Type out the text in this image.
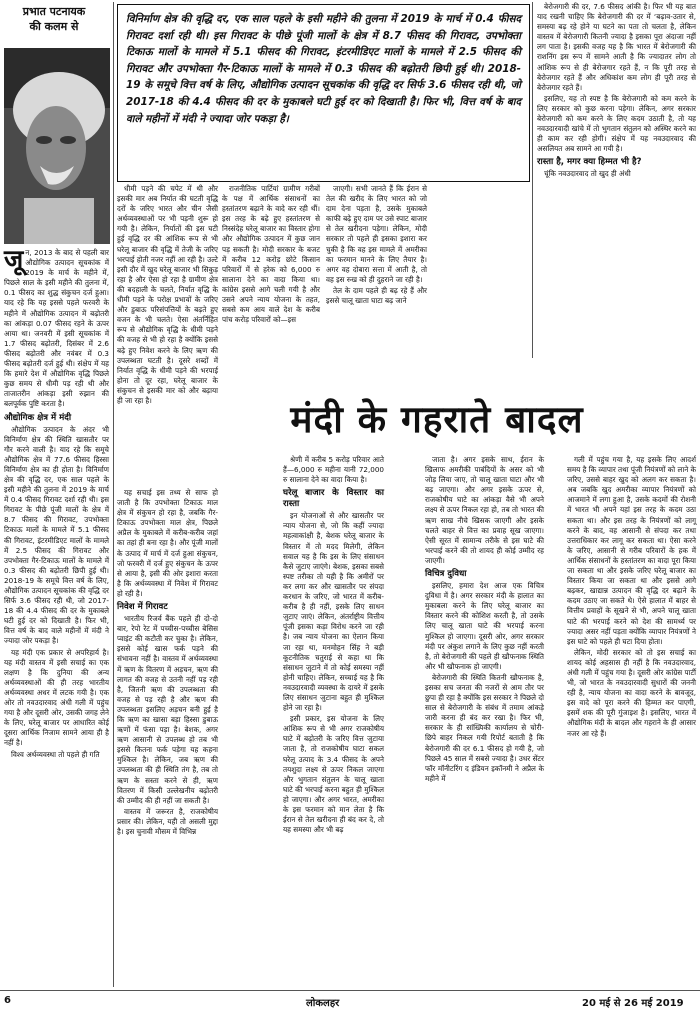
प्रभात पटनायक
की कलम से
विनिर्माण क्षेत्र की वृद्धि दर, एक साल पहले के इसी महीने की तुलना में 2019 के मार्च में 0.4 फीसद गिरावट दर्शा रही थी। इस गिरावट के पीछे पूंजी मालों के क्षेत्र में 8.7 फीसद की गिरावट, उपभोक्ता टिकाऊ मालों के मामले में 5.1 फीसद की गिरावट, इंटरमीडिएट मालों के मामले में 2.5 फीसद की गिरावट और उपभोक्ता गैर-टिकाऊ मालों के मामले में 0.3 फीसद की बढ़ोतरी छिपी हुई थी। 2018-19 के समूचे वित्त वर्ष के लिए, औद्योगिक उत्पादन सूचकांक की वृद्धि दर सिर्फ 3.6 फीसद रही थी, जो 2017-18 की 4.4 फीसद की दर के मुकाबले घटी हुई दर को दिखाती है। फिर भी, वित्त वर्ष के बाद वाले महीनों में मंदी ने ज्यादा जोर पकड़ा है।

जून, 2013 के बाद से पहली बार औद्योगिक उत्पादन सूचकांक में 2019 के मार्च के महीने में, पिछले साल के इसी महीने की तुलना में, 0.1 फीसद का शुद्ध संकुचन दर्ज हुआ। याद रहे कि यह इससे पहले फरवरी के महीने में औद्योगिक उत्पादन में बढ़ोतरी का आंकड़ा 0.07 फीसद रहने के ऊपर आया था। जनवरी में इसी सूचकांक में 1.7 फीसद बढ़ोतरी, दिसंबर में 2.6 फीसद बढ़ोतरी और नवंबर में 0.3 फीसद बढ़ोतरी दर्ज हुई थी। संक्षेप में यह कि हमारे देश में औद्योगिक वृद्धि पिछले कुछ समय से धीमी पड़ रही थी और ताजातरीन आंकड़ा इसी रुझान की बलपूर्वक पुष्टि करता है।

औद्योगिक क्षेत्र में मंदी

औद्योगिक उत्पादन के अंदर भी विनिर्माण क्षेत्र की स्थिति खासतौर पर गौर करने वाली है। याद रहे कि समूचे औद्योगिक क्षेत्र में 77.6 फीसद हिस्सा विनिर्माण क्षेत्र का ही होता है। विनिर्माण क्षेत्र की वृद्धि दर, एक साल पहले के इसी महीने की तुलना में 2019 के मार्च में 0.4 फीसद गिरावट दर्शा रही थी। इस गिरावट के पीछे पूंजी मालों के क्षेत्र में 8.7 फीसद की गिरावट, उपभोक्ता टिकाऊ मालों के मामले में 5.1 फीसद की गिरावट, इंटरमीडिएट मालों के मामले में 2.5 फीसद की गिरावट और उपभोक्ता गैर-टिकाऊ मालों के मामले में 0.3 फीसद की बढ़ोतरी छिपी हुई थी। 2018-19 के समूचे वित्त वर्ष के लिए, औद्योगिक उत्पादन सूचकांक की वृद्धि दर सिर्फ 3.6 फीसद रही थी, जो 2017-18 की 4.4 फीसद की दर के मुकाबले घटी हुई दर को दिखाती है। फिर भी, वित्त वर्ष के बाद वाले महीनों में मंदी ने ज्यादा जोर पकड़ा है।

यह मंदी एक प्रकार से अपरिहार्य है। यह मंदी वास्तव में इसी सचाई का एक लक्षण है कि दुनिया की अन्य अर्थव्यवस्थाओं की ही तरह भारतीय अर्थव्यवस्था अधर में लटक गयी है। एक ओर तो नवउदारवाद अंधी गली में पहुंच गया है और दूसरी ओर, उसकी जगह लेने के लिए, घरेलू बाजार पर आधारित कोई दूसरा आर्थिक निजाम सामने आया ही है नहीं है।

विश्व अर्थव्यवस्था तो पहले ही गति

धीमी पड़ने की चपेट में थी और इसकी मार अब निर्यात की घटती वृद्धि दरों के जरिए भारत और चीन जैसी अर्थव्यवस्थाओं पर भी पड़नी शुरू हो गयी है। लेकिन, निर्यातों की इस घटी हुई वृद्धि दर की आंशिक रूप से भी घरेलू बाजार की वृद्धि में तेजी के जरिए भरपाई होती नजर नहीं आ रही है। उल्टे इसी दौर में खुद घरेलू बाजार भी सिकुड़ रहा है और ऐसा हो रहा है ग्रामीण क्षेत्र की बदहाली के चलते, निर्यात वृद्धि के धीमी पड़ने के परोक्ष प्रभावों के जरिए और डुबाऊ परिसंपत्तियों के बढ़ते हुए वजन के भी चलते। ऐसा अंतर्निहित रूप से औद्योगिक वृद्धि के धीमी पड़ने की वजह से भी हो रहा है क्योंकि इससे बढ़े हुए निवेश करने के लिए ऋण की उपलब्धता घटती है। दूसरे शब्दों में निर्यात वृद्धि के धीमी पड़ने की भरपाई होना तो दूर रहा, घरेलू बाजार के संकुचन से इसकी मार को और बढ़ाया ही जा रहा है।

राजनीतिक पार्टियां ग्रामीण गरीबों के पक्ष में आर्थिक संसाधनों का हस्तांतरण बढ़ाने के वादे कर रही थीं। इस तरह के बढ़े हुए हस्तांतरण से निस्संदेह घरेलू बाजार का विस्तार होगा और औद्योगिक उत्पादन में कुछ जान पड़ सकती है। मोदी सरकार के बजट में करीब 12 करोड़ छोटे किसान परिवारों में से हरेक को 6,000 रु सालाना देने का वादा किया था। कांग्रेस इससे आगे चली गयी है और उसने अपने न्याय योजना के तहत, सबसे कम आय वाले देश के करीब पांच करोड़ परिवारों को—इस

जाएगी। सभी जानते हैं कि ईरान से तेल की खरीद के लिए भारत को जो दाम देना पड़ता है, उसके मुकाबले काफी बढ़े हुए दाम पर उसे स्पाट बाजार से तेल खरीदना पड़ेगा। लेकिन, मोदी सरकार तो पहले ही इसका इशारा कर चुकी है कि वह इस मामले में अमरीका का फरमान मानने के लिए तैयार है। अगर वह दोबारा सत्ता में आती है, तो वह इस रुख को ही दुहराने जा रही है।

तेल के दाम पहले ही बढ़ रहे हैं और इससे चालू खाता घाटा बढ़ जाने

बेरोजगारी की दर, 7.6 फीसद आंकी है। फिर भी यह बात याद रखनी चाहिए कि बेरोजगारी की दर में ‘बढ़ाव-उतार से, समस्या बढ़ रहे होने या घटने का पता तो चलता है, लेकिन वास्तव में बेरोजगारी कितनी ज्यादा है इसका पूरा अंदाजा नहीं लग पाता है। इसकी वजह यह है कि भारत में बेरोजगारी की राशनिंग इस रूप में सामने आती है कि ज्यादातर लोग तो आंशिक रूप से ही बेरोजगार रहते हैं, न कि पूरी तरह से बेरोजगार रहते हैं और अधिकांश कम लोग ही पूरी तरह से बेरोजगार रहते हैं।

इसलिए, यह तो स्पष्ट है कि बेरोजगारी को कम करने के लिए सरकार को कुछ करना पड़ेगा। लेकिन, अगर सरकार बेरोजगारी को कम करने के लिए कदम उठाती है, तो यह नवउदारवादी खांचे में तो भुगतान संतुलन को अस्थिर करने का ही काम कर रही होगी। संक्षेप में यह नवउदारवाद की असलियत अब सामने आ गयी है।

रास्ता है, मगर क्या हिम्मत भी है?

चूंकि नवउदारवाद तो खुद ही अंधी

मंदी के गहराते बादल

यह सचाई इस तथ्य से साफ हो जाती है कि उपभोक्ता टिकाऊ माल क्षेत्र में संकुचन हो रहा है, जबकि गैर-टिकाऊ उपभोक्ता माल क्षेत्र, पिछले अप्रैल के मुकाबले में करीब-करीब जहां का तहां ही बना रहा है। और पूंजी मालों के उत्पाद में मार्च में दर्ज हुआ संकुचन, जो फरवरी में दर्ज हुए संकुचन के ऊपर से आया है, इसी की ओर इशारा करता है कि अर्थव्यवस्था में निवेश में गिरावट हो रही है।

निवेश में गिरावट

भारतीय रिजर्व बैंक पहले ही दो-दो बार, रेपो रेट में पच्चीस-पच्चीस बेसिस प्वाइंट की कटौती कर चुका है। लेकिन, इससे कोई खास फर्क पड़ने की संभावना नहीं है। वास्तव में अर्थव्यवस्था में ऋण के वितरण में अड़चन, ऋण की लागत की वजह से उतनी नहीं पड़ रही है, जितनी ऋण की उपलब्धता की वजह से पड़ रही है और ऋण की उपलब्धता इसलिए अड़चन बनी हुई है कि ऋण का खासा बड़ा हिस्सा डुबाऊ ऋणों में फंसा पड़ा है। बेशक, अगर ऋण आसानी से उपलब्ध हो तब भी इससे कितना फर्क पड़ेगा यह कहना मुश्किल है। लेकिन, जब ऋण की उपलब्धता की ही स्थिति तंग है, तब तो ऋण के सस्ता करने से ही, ऋण वितरण में किसी उल्लेखनीय बढ़ोतरी की उम्मीद की ही नहीं जा सकती है।

वास्तव में जरूरत है, राजकोषीय प्रसार की। लेकिन, यही तो असली मुद्दा है। इस चुनावी मौसम में विभिन्न

श्रेणी में करीब 5 करोड़ परिवार आते हैं—6,000 रु महीना यानी 72,000 रु सालाना देने का वादा किया है।

घरेलू बाजार के विस्तार का रास्ता

इन योजनाओं से और खासतौर पर न्याय योजना से, जो कि कहीं ज्यादा महत्वाकांक्षी है, बेशक घरेलू बाजार के विस्तार में तो मदद मिलेगी, लेकिन सवाल यह है कि इस के लिए संसाधन कैसे जुटाए जाएंगे। बेशक, इसका सबसे स्पष्ट तरीका तो यही है कि अमीरों पर कर लगा कर और खासतौर पर संपदा करधान के जरिए, जो भारत में करीब-करीब है ही नहीं, इसके लिए साधन जुटाए जाएं। लेकिन, अंतर्राष्ट्रीय वित्तीय पूंजी इसका कड़ा विरोध करने जा रही है। जब न्याय योजना का ऐलान किया जा रहा था, मनमोहन सिंह ने बड़ी कूटनीतिक चतुराई से कहा था कि संसाधन जुटाने में तो कोई समस्या नहीं होनी चाहिए। लेकिन, सच्चाई यह है कि नवउदारवादी व्यवस्था के दायरे में इसके लिए संसाधन जुटाना बहुत ही मुश्किल होने जा रहा है।

इसी प्रकार, इस योजना के लिए आंशिक रूप से भी अगर राजकोषीय घाटे में बढ़ोतरी के जरिए वित्त जुटाया जाता है, तो राजकोषीय घाटा सकल घरेलू उत्पाद के 3.4 फीसद के अपने तयशुदा लक्ष्य से ऊपर निकल जाएगा और भुगतान संतुलन के चालू खाता घाटे की भरपाई करना बहुत ही मुश्किल हो जाएगा। और अगर भारत, अमरीका के इस फरमान को मान लेता है कि ईरान से तेल खरीदना ही बंद कर दे, तो यह समस्या और भी बढ़

जाता है। अगर इसके साथ, ईरान के खिलाफ अमरीकी पाबंदियों के असर को भी जोड़ लिया जाए, तो चालू खाता घाटा और भी बढ़ जाएगा। और अगर इसके ऊपर से, राजकोषीय घाटे का आंकड़ा वैसे भी अपने लक्ष्य से ऊपर निकल रहा हो, तब तो भारत की ऋण साख नीचे खिसक जाएगी और इसके चलते बाहर से वित्त का प्रवाह सूख जाएगा। ऐसी सूरत में सामान्य तरीके से इस घाटे की भरपाई करने की तो शायद ही कोई उम्मीद रह जाएगी।

विचित्र दुविधा

इसलिए, हमारा देश आज एक विचित्र दुविधा में है। अगर सरकार मंदी के हालात का मुकाबला करने के लिए घरेलू बाजार का विस्तार करने की कोशिश करती है, तो उसके लिए चालू खाता घाटे की भरपाई करना मुश्किल हो जाएगा। दूसरी ओर, अगर सरकार मंदी पर अंकुश लगाने के लिए कुछ नहीं करती है, तो बेरोजगारी की पहले ही खौफनाक स्थिति और भी खौफनाक हो जाएगी।

बेरोजगारी की स्थिति कितनी खौफनाक है, इसका सच जनता की नजरों से आम तौर पर छुपा ही रहा है क्योंकि इस सरकार ने पिछले दो साल से बेरोजगारी के संबंध में तमाम आंकड़े जारी करना ही बंद कर रखा है। फिर भी, सरकार के ही सांख्यिकी कार्यालय से चोरी-छिपे बाहर निकल गयी रिपोर्ट बताती है कि बेरोजगारी की दर 6.1 फीसद हो गयी है, जो पिछले 45 साल में सबसे ज्यादा है। उधर सेंटर फॉर मॉनीटरिंग द इंडियन इकॉनमी ने अप्रैल के महीने में

गली में पहुंच गया है, यह इसके लिए आदर्श समय है कि व्यापार तथा पूंजी नियंत्रणों को लाने के जरिए, उससे बाहर खुद को अलग कर सकता है। अब जबकि खुद अमरीका व्यापार नियंत्रणों को आजमाने में लगा हुआ है, उसके कदमों की रोशनी में भारत भी अपने यहां इस तरह के कदम उठा सकता था। और इस तरह के नियंत्रणों को लागू करने के बाद, वह आसानी से संपदा कर तथा उत्तराधिकार कर लागू कर सकता था। ऐसा करने के जरिए, आसानी से गरीब परिवारों के हक में आर्थिक संसाधनों के हस्तांतरण का वादा पूरा किया जा सकता था और इसके जरिए घरेलू बाजार का विस्तार किया जा सकता था और इससे आगे बढ़कर, खाद्यान्न उत्पादन की वृद्धि दर बढ़ाने के कदम उठाए जा सकते थे। ऐसे हालात में बाहर से वित्तीय प्रवाहों के सूखने से भी, अपने चालू खाता घाटे की भरपाई करने को देश की सामर्थ्य पर ज्यादा असर नहीं पड़ता क्योंकि व्यापार नियंत्रणों ने इस घाटे को पहले ही घटा दिया होता।

लेकिन, मोदी सरकार को तो इस सचाई का शायद कोई अहसास ही नहीं है कि नवउदारवाद, अंधी गली में पहुंच गया है। दूसरी ओर कांग्रेस पार्टी भी, जो भारत के नवउदारवादी सुधारों की जननी रही है, न्याय योजना का वादा करने के बावजूद, इस वादे को पूरा करने की हिम्मत कर पाएगी, इसमें शक की पूरी गुंजाइश है। इसलिए, भारत में औद्योगिक मंदी के बादल और गहराने के ही आसार नजर आ रहे हैं।

6	लोकलहर	20 मई से 26 मई 2019
